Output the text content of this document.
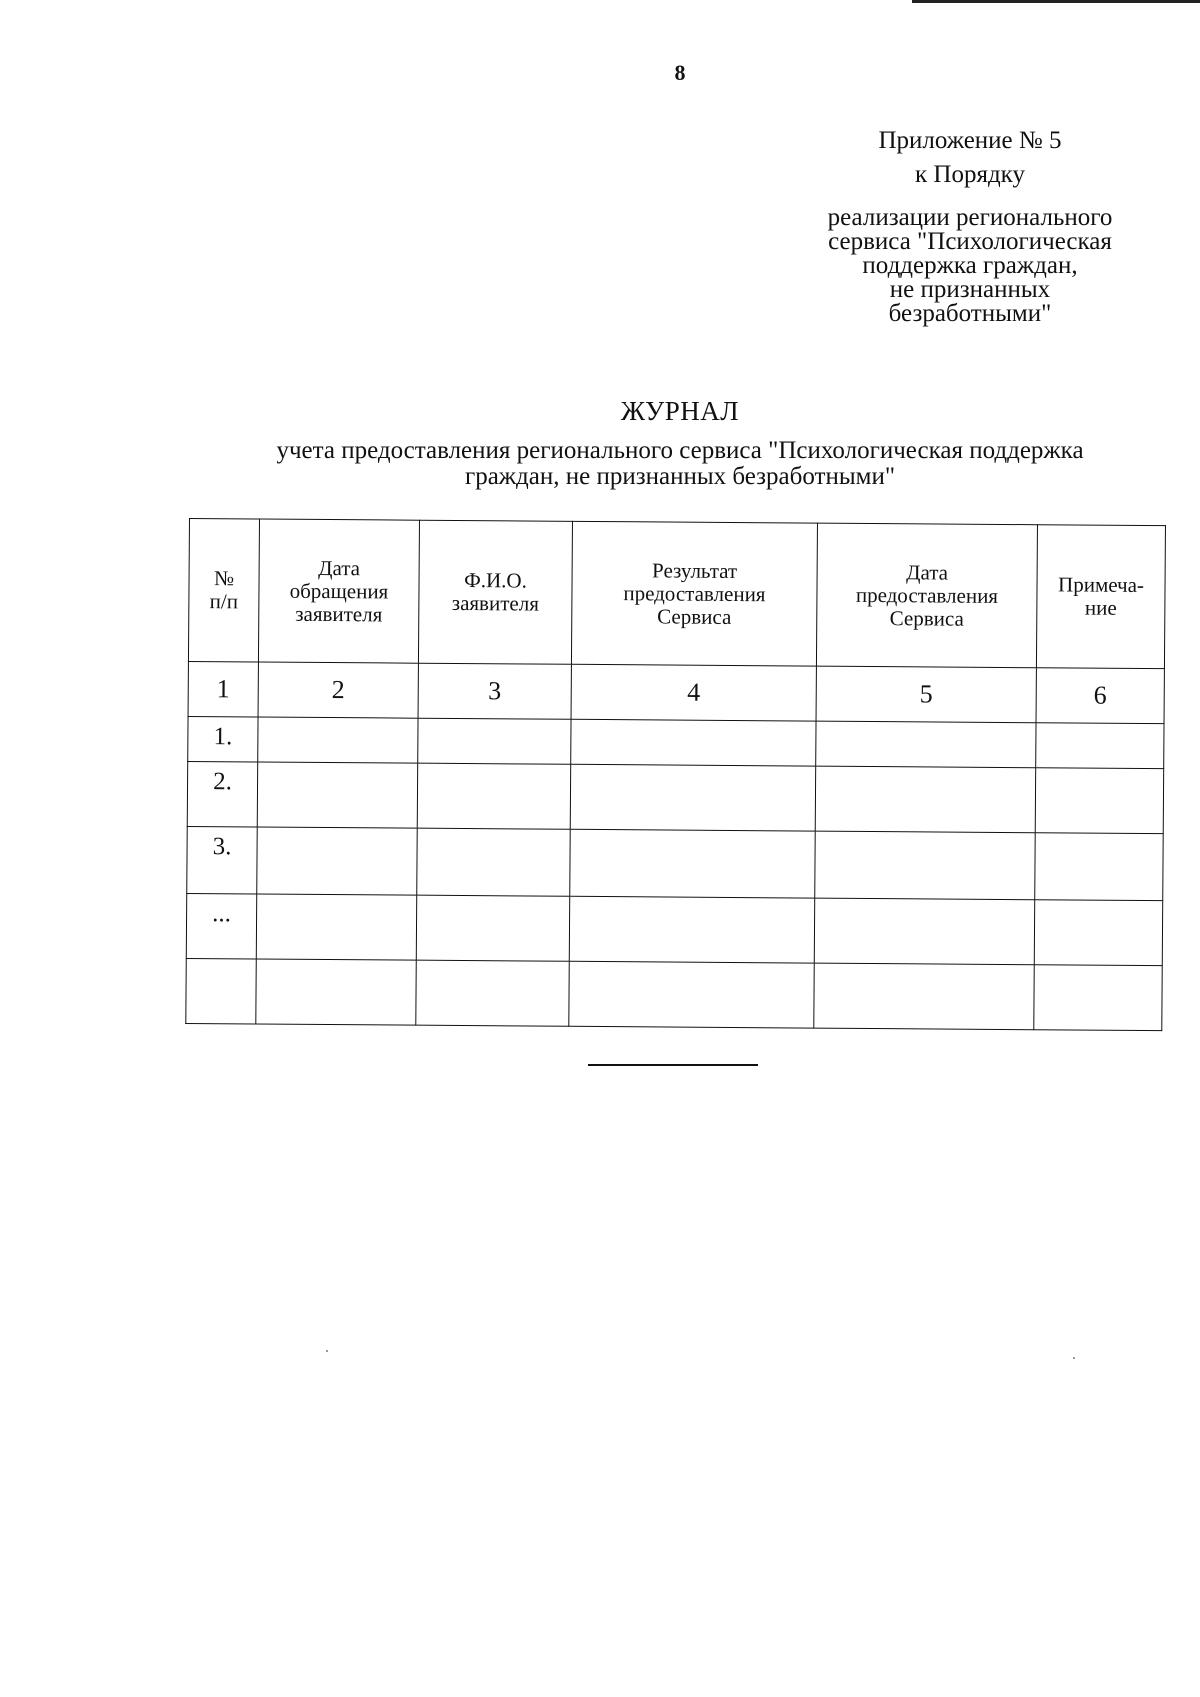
8
Приложение № 5
к Порядку
реализации регионального
сервиса "Психологическая
поддержка граждан,
не признанных
безработными"
ЖУРНАЛ
учета предоставления регионального сервиса "Психологическая поддержка
граждан, не признанных безработными"
№
п/п	Дата
обращения
заявителя	Ф.И.О.
заявителя	Результат
предоставления
Сервиса	Дата
предоставления
Сервиса	Примеча-
ние

1	2	3	4	5	6
1.					
2.					
3.					
...					
